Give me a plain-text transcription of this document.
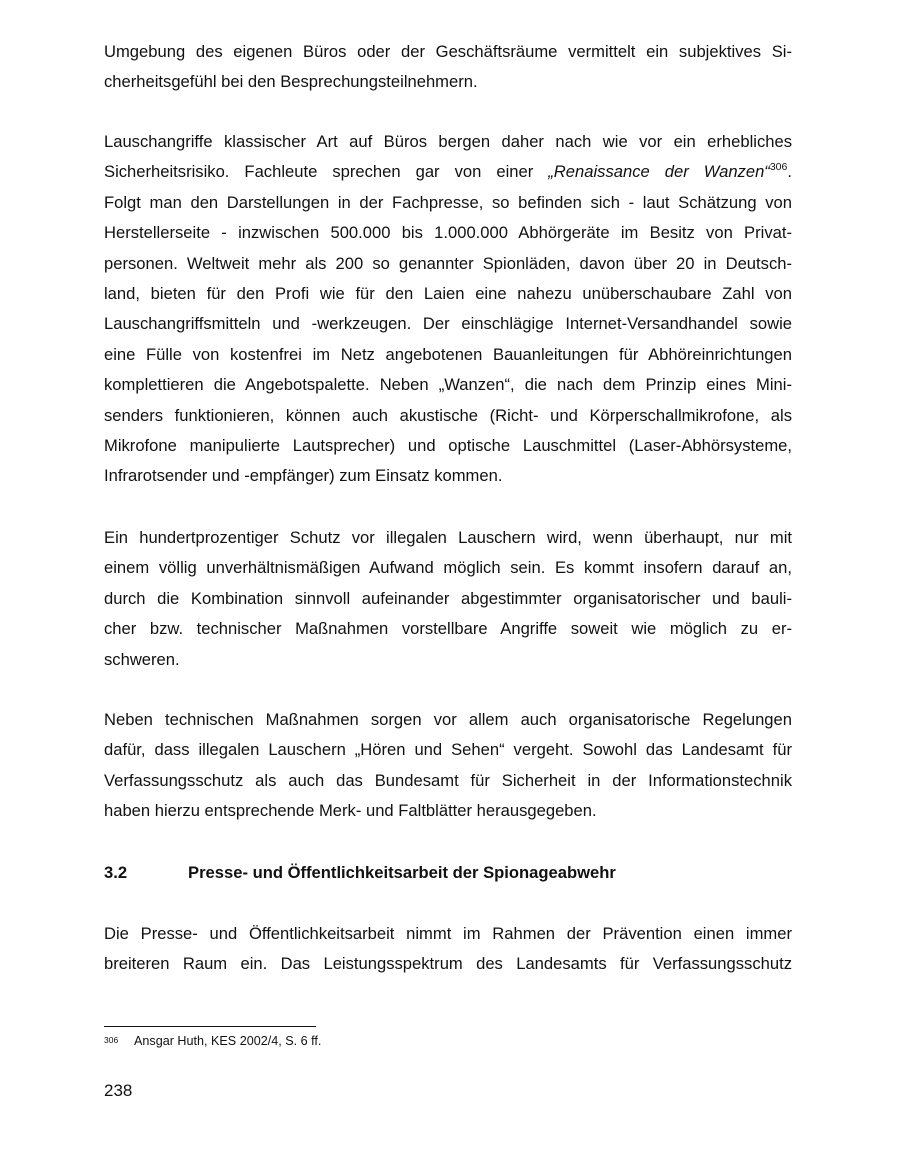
Umgebung des eigenen Büros oder der Geschäftsräume vermittelt ein subjektives Si-
cherheitsgefühl bei den Besprechungsteilnehmern.
Lauschangriffe klassischer Art auf Büros bergen daher nach wie vor ein erhebliches
Sicherheitsrisiko. Fachleute sprechen gar von einer „Renaissance der Wanzen“$^{306}$.
Folgt man den Darstellungen in der Fachpresse, so befinden sich - laut Schätzung von
Herstellerseite - inzwischen 500.000 bis 1.000.000 Abhörgeräte im Besitz von Privat-
personen. Weltweit mehr als 200 so genannter Spionläden, davon über 20 in Deutsch-
land, bieten für den Profi wie für den Laien eine nahezu unüberschaubare Zahl von
Lauschangriffsmitteln und -werkzeugen. Der einschlägige Internet-Versandhandel sowie
eine Fülle von kostenfrei im Netz angebotenen Bauanleitungen für Abhöreinrichtungen
komplettieren die Angebotspalette. Neben „Wanzen“, die nach dem Prinzip eines Mini-
senders funktionieren, können auch akustische (Richt- und Körperschallmikrofone, als
Mikrofone manipulierte Lautsprecher) und optische Lauschmittel (Laser-Abhörsysteme,
Infrarotsender und -empfänger) zum Einsatz kommen.
Ein hundertprozentiger Schutz vor illegalen Lauschern wird, wenn überhaupt, nur mit
einem völlig unverhältnismäßigen Aufwand möglich sein. Es kommt insofern darauf an,
durch die Kombination sinnvoll aufeinander abgestimmter organisatorischer und bauli-
cher bzw. technischer Maßnahmen vorstellbare Angriffe soweit wie möglich zu er-
schweren.
Neben technischen Maßnahmen sorgen vor allem auch organisatorische Regelungen
dafür, dass illegalen Lauschern „Hören und Sehen“ vergeht. Sowohl das Landesamt für
Verfassungsschutz als auch das Bundesamt für Sicherheit in der Informationstechnik
haben hierzu entsprechende Merk- und Faltblätter herausgegeben.
3.2	Presse- und Öffentlichkeitsarbeit der Spionageabwehr
Die Presse- und Öffentlichkeitsarbeit nimmt im Rahmen der Prävention einen immer
breiteren Raum ein. Das Leistungsspektrum des Landesamts für Verfassungsschutz
306 Ansgar Huth, KES 2002/4, S. 6 ff.
238
